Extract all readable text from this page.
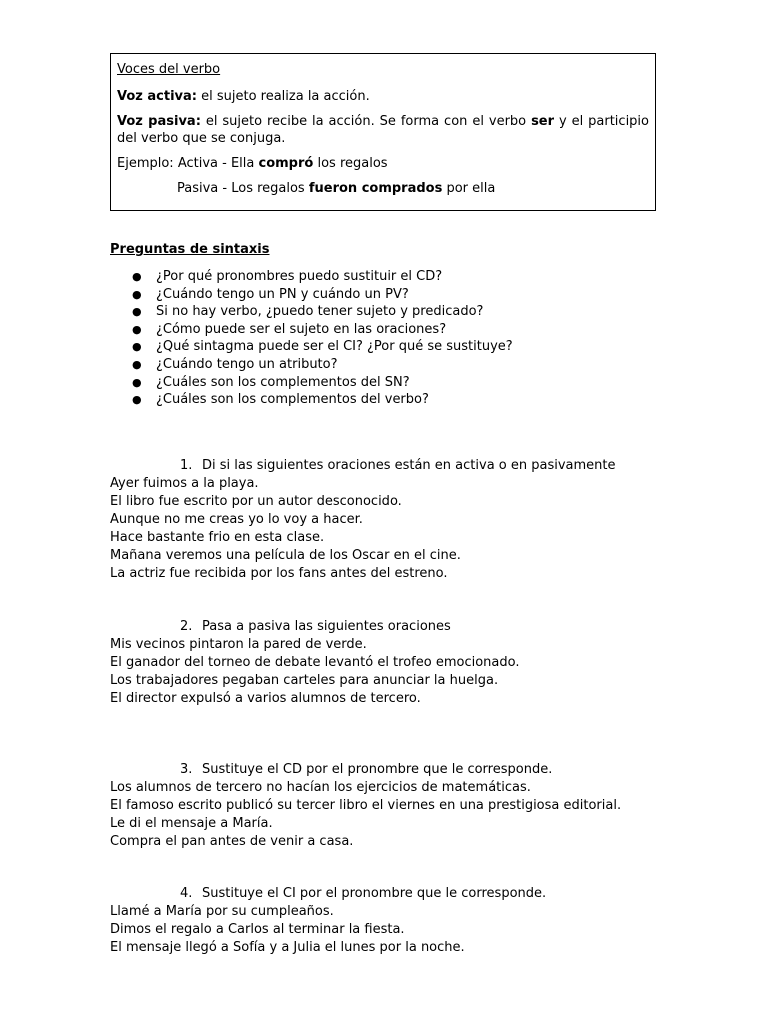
Voces del verbo

Voz activa: el sujeto realiza la acción.

Voz pasiva: el sujeto recibe la acción. Se forma con el verbo ser y el participio del verbo que se conjuga.

Ejemplo: Activa - Ella compró los regalos

Pasiva - Los regalos fueron comprados por ella

Preguntas de sintaxis
● ¿Por qué pronombres puedo sustituir el CD?
● ¿Cuándo tengo un PN y cuándo un PV?
● Si no hay verbo, ¿puedo tener sujeto y predicado?
● ¿Cómo puede ser el sujeto en las oraciones?
● ¿Qué sintagma puede ser el CI? ¿Por qué se sustituye?
● ¿Cuándo tengo un atributo?
● ¿Cuáles son los complementos del SN?
● ¿Cuáles son los complementos del verbo?
1. Di si las siguientes oraciones están en activa o en pasivamente
Ayer fuimos a la playa.
El libro fue escrito por un autor desconocido.
Aunque no me creas yo lo voy a hacer.
Hace bastante frio en esta clase.
Mañana veremos una película de los Oscar en el cine.
La actriz fue recibida por los fans antes del estreno.
2. Pasa a pasiva las siguientes oraciones
Mis vecinos pintaron la pared de verde.
El ganador del torneo de debate levantó el trofeo emocionado.
Los trabajadores pegaban carteles para anunciar la huelga.
El director expulsó a varios alumnos de tercero.
3. Sustituye el CD por el pronombre que le corresponde.
Los alumnos de tercero no hacían los ejercicios de matemáticas.
El famoso escrito publicó su tercer libro el viernes en una prestigiosa editorial.
Le di el mensaje a María.
Compra el pan antes de venir a casa.
4. Sustituye el CI por el pronombre que le corresponde.
Llamé a María por su cumpleaños.
Dimos el regalo a Carlos al terminar la fiesta.
El mensaje llegó a Sofía y a Julia el lunes por la noche.
